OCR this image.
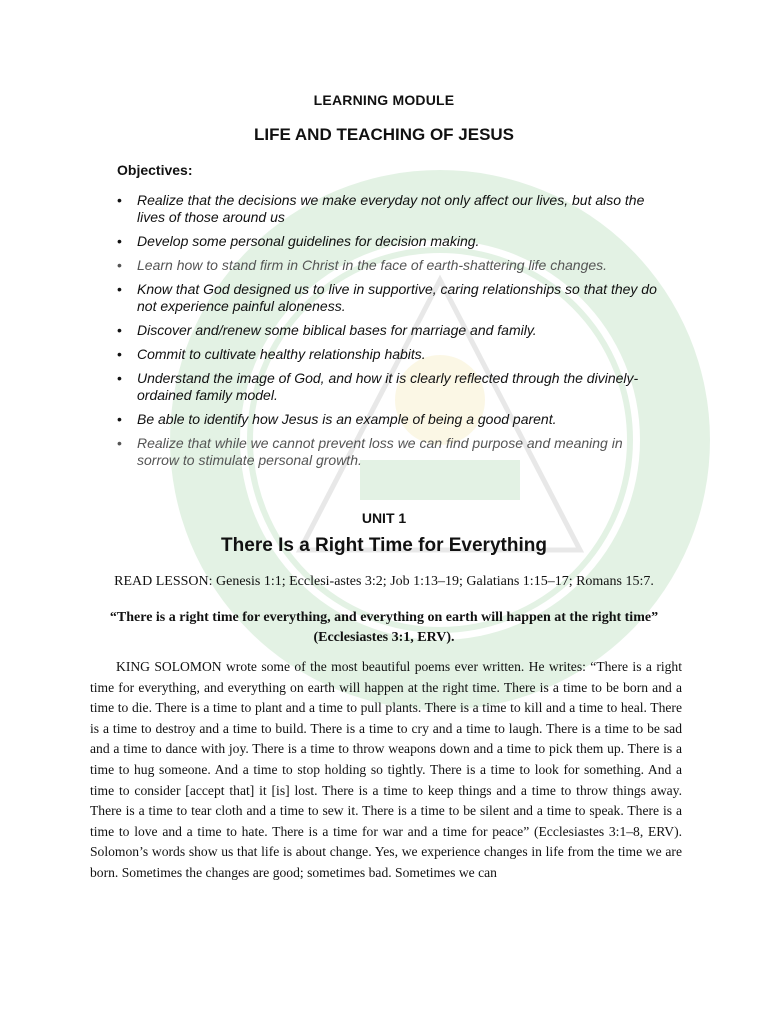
LEARNING MODULE
LIFE AND TEACHING OF JESUS
Objectives:
• Realize that the decisions we make everyday not only affect our lives, but also the lives of those around us
• Develop some personal guidelines for decision making.
• Learn how to stand firm in Christ in the face of earth-shattering life changes.
• Know that God designed us to live in supportive, caring relationships so that they do not experience painful aloneness.
• Discover and/renew some biblical bases for marriage and family.
• Commit to cultivate healthy relationship habits.
• Understand the image of God, and how it is clearly reflected through the divinely-ordained family model.
• Be able to identify how Jesus is an example of being a good parent.
• Realize that while we cannot prevent loss we can find purpose and meaning in sorrow to stimulate personal growth.
UNIT 1
There Is a Right Time for Everything
READ LESSON: Genesis 1:1; Ecclesi-astes 3:2; Job 1:13–19; Galatians 1:15–17; Romans 15:7.
“There is a right time for everything, and everything on earth will happen at the right time” (Ecclesiastes 3:1, ERV).

KING SOLOMON wrote some of the most beautiful poems ever written. He writes: “There is a right time for everything, and everything on earth will happen at the right time. There is a time to be born and a time to die. There is a time to plant and a time to pull plants. There is a time to kill and a time to heal. There is a time to destroy and a time to build. There is a time to cry and a time to laugh. There is a time to be sad and a time to dance with joy. There is a time to throw weapons down and a time to pick them up. There is a time to hug someone. And a time to stop holding so tightly. There is a time to look for something. And a time to consider [accept that] it [is] lost. There is a time to keep things and a time to throw things away. There is a time to tear cloth and a time to sew it. There is a time to be silent and a time to speak. There is a time to love and a time to hate. There is a time for war and a time for peace” (Ecclesiastes 3:1–8, ERV). Solomon’s words show us that life is about change. Yes, we experience changes in life from the time we are born. Sometimes the changes are good; sometimes bad. Sometimes we can
